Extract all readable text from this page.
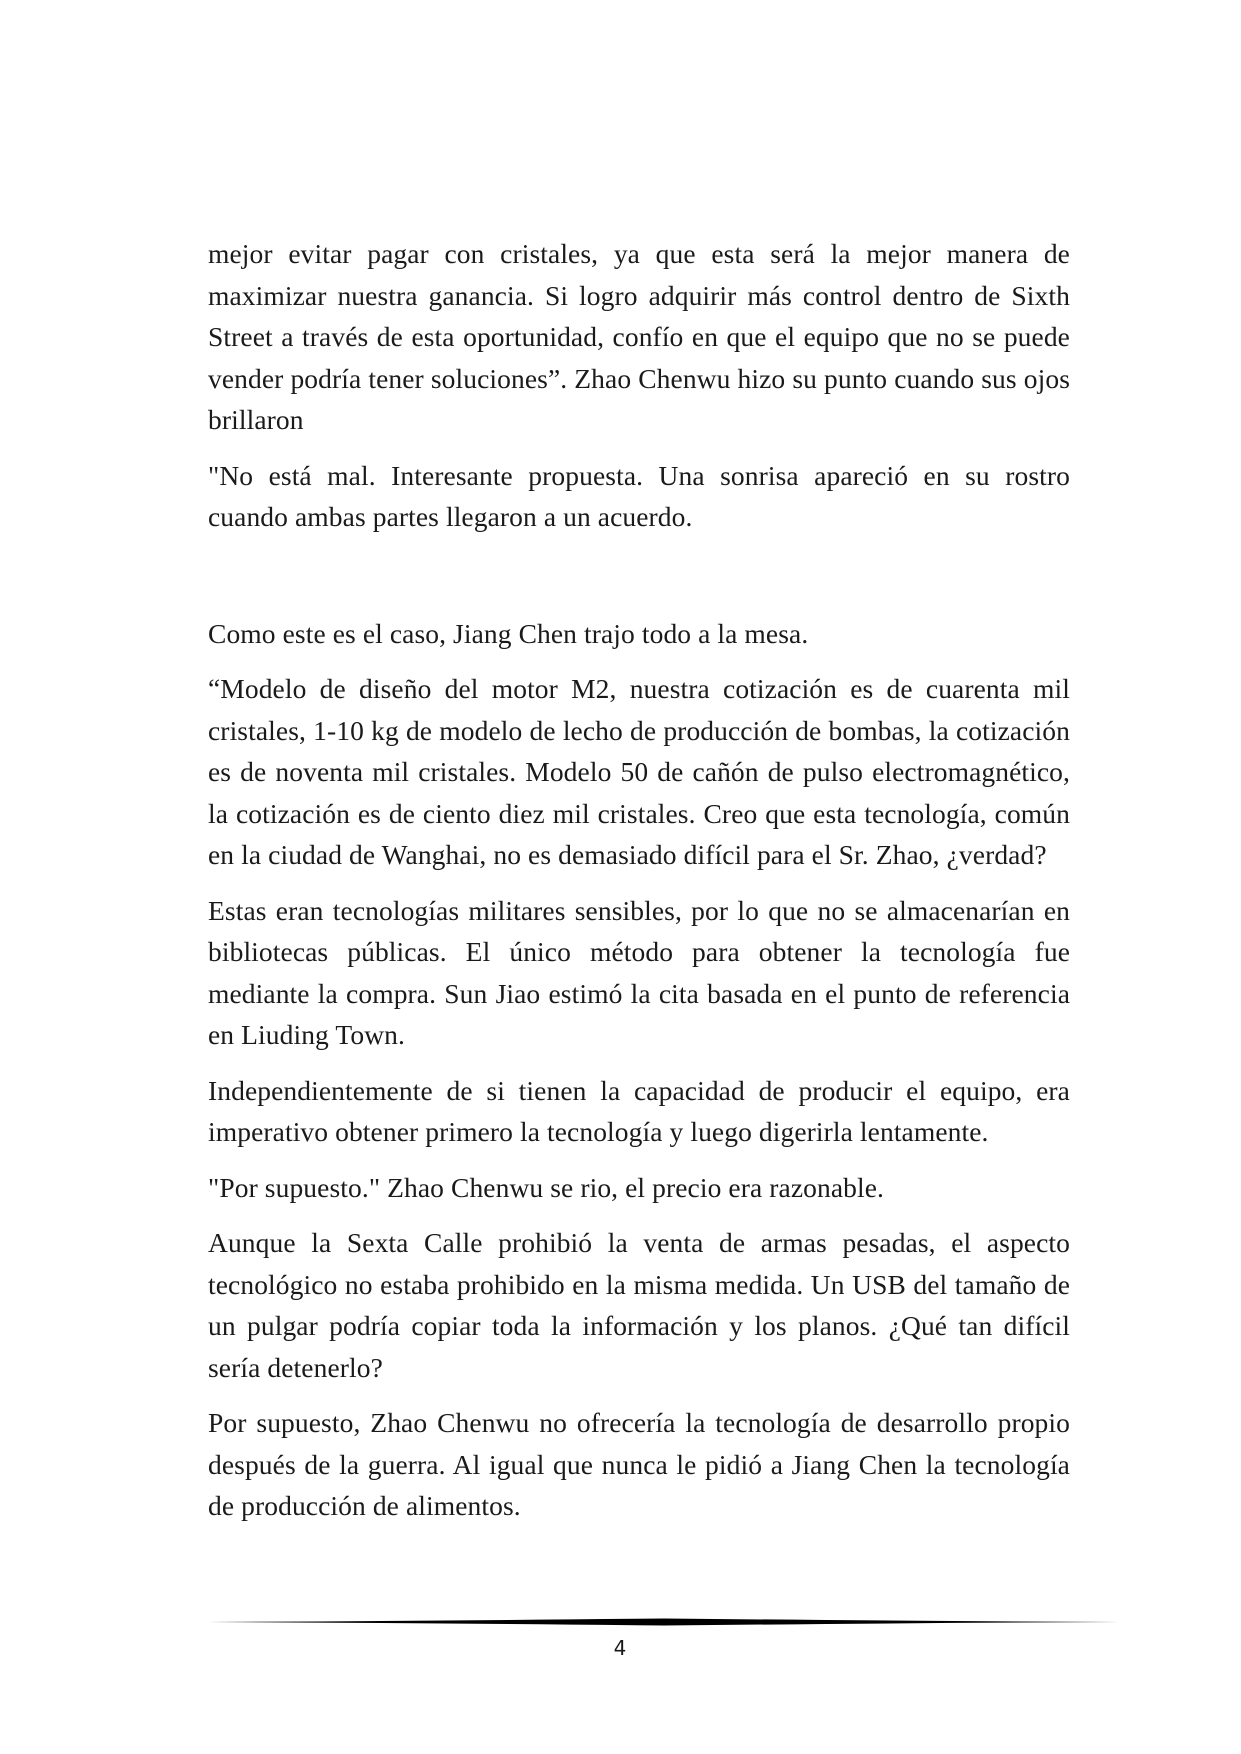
mejor evitar pagar con cristales, ya que esta será la mejor manera de maximizar nuestra ganancia. Si logro adquirir más control dentro de Sixth Street a través de esta oportunidad, confío en que el equipo que no se puede vender podría tener soluciones”. Zhao Chenwu hizo su punto cuando sus ojos brillaron

"No está mal. Interesante propuesta. Una sonrisa apareció en su rostro cuando ambas partes llegaron a un acuerdo.

Como este es el caso, Jiang Chen trajo todo a la mesa.

“Modelo de diseño del motor M2, nuestra cotización es de cuarenta mil cristales, 1-10 kg de modelo de lecho de producción de bombas, la cotización es de noventa mil cristales. Modelo 50 de cañón de pulso electromagnético, la cotización es de ciento diez mil cristales. Creo que esta tecnología, común en la ciudad de Wanghai, no es demasiado difícil para el Sr. Zhao, ¿verdad?

Estas eran tecnologías militares sensibles, por lo que no se almacenarían en bibliotecas públicas. El único método para obtener la tecnología fue mediante la compra. Sun Jiao estimó la cita basada en el punto de referencia en Liuding Town.

Independientemente de si tienen la capacidad de producir el equipo, era imperativo obtener primero la tecnología y luego digerirla lentamente.

"Por supuesto." Zhao Chenwu se rio, el precio era razonable.

Aunque la Sexta Calle prohibió la venta de armas pesadas, el aspecto tecnológico no estaba prohibido en la misma medida. Un USB del tamaño de un pulgar podría copiar toda la información y los planos. ¿Qué tan difícil sería detenerlo?

Por supuesto, Zhao Chenwu no ofrecería la tecnología de desarrollo propio después de la guerra. Al igual que nunca le pidió a Jiang Chen la tecnología de producción de alimentos.

4
